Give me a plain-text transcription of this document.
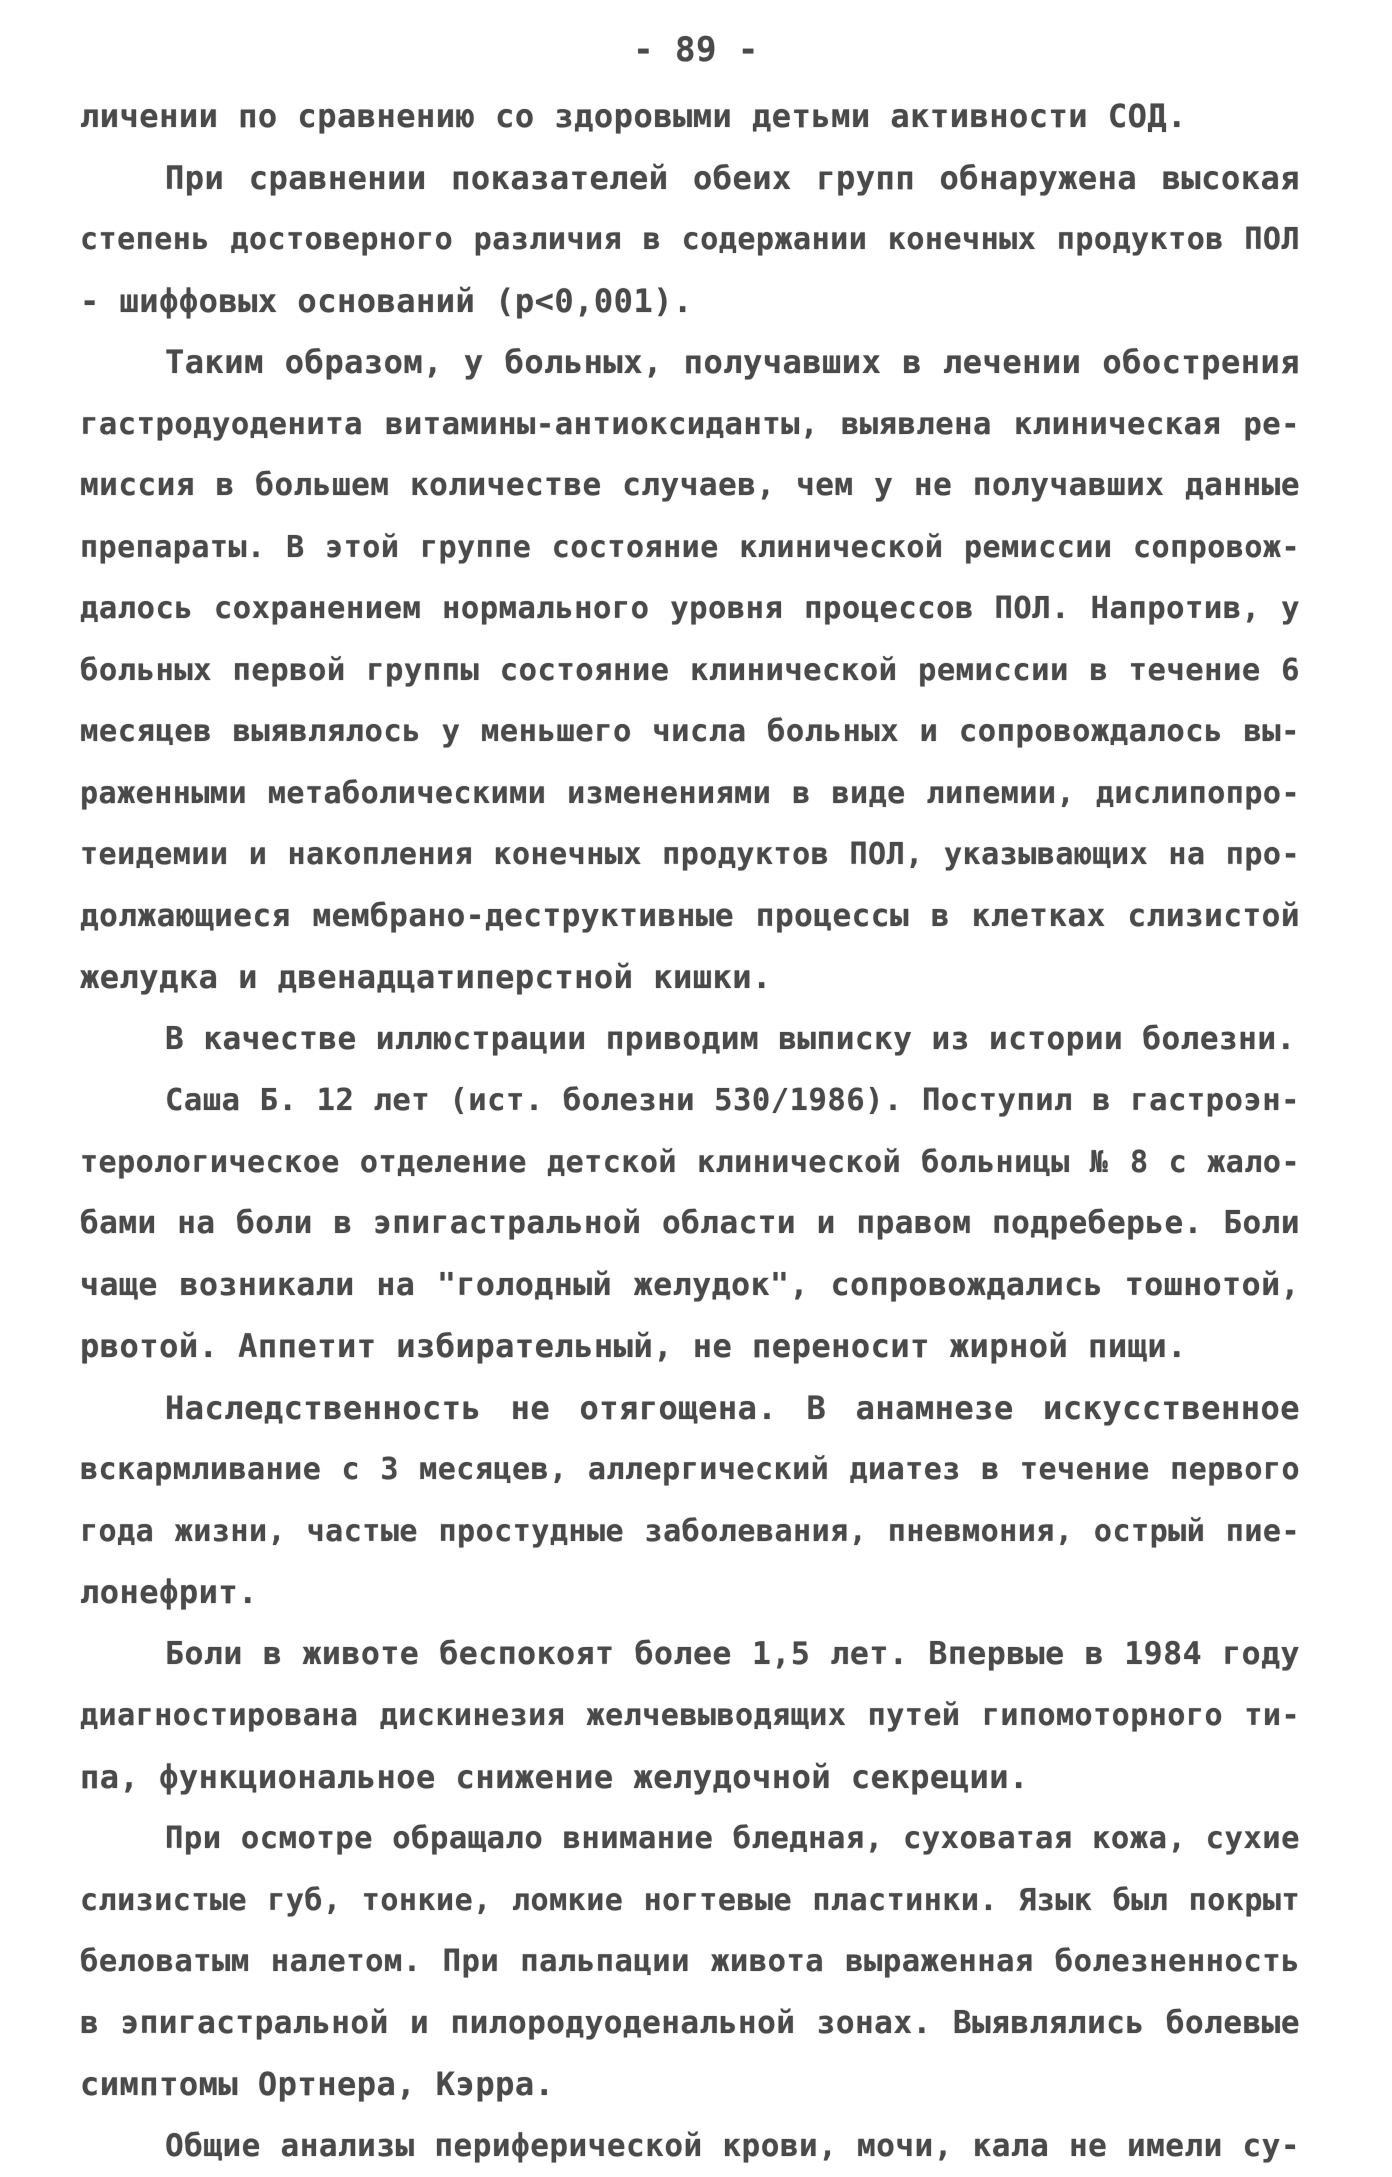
- 89 -
личении по сравнению со здоровыми детьми активности СОД.
При сравнении показателей обеих групп обнаружена высокая
степень достоверного различия в содержании конечных продуктов ПОЛ
- шиффовых оснований (р<0,001).
Таким образом, у больных, получавших в лечении обострения
гастродуоденита витамины-антиоксиданты, выявлена клиническая ре-
миссия в большем количестве случаев, чем у не получавших данные
препараты. В этой группе состояние клинической ремиссии сопровож-
далось сохранением нормального уровня процессов ПОЛ. Напротив, у
больных первой группы состояние клинической ремиссии в течение 6
месяцев выявлялось у меньшего числа больных и сопровождалось вы-
раженными метаболическими изменениями в виде липемии, дислипопро-
теидемии и накопления конечных продуктов ПОЛ, указывающих на про-
должающиеся мембрано-деструктивные процессы в клетках слизистой
желудка и двенадцатиперстной кишки.
В качестве иллюстрации приводим выписку из истории болезни.
Саша Б. 12 лет (ист. болезни 530/1986). Поступил в гастроэн-
терологическое отделение детской клинической больницы № 8 с жало-
бами на боли в эпигастральной области и правом подреберье. Боли
чаще возникали на "голодный желудок", сопровождались тошнотой,
рвотой. Аппетит избирательный, не переносит жирной пищи.
Наследственность не отягощена. В анамнезе искусственное
вскармливание с 3 месяцев, аллергический диатез в течение первого
года жизни, частые простудные заболевания, пневмония, острый пие-
лонефрит.
Боли в животе беспокоят более 1,5 лет. Впервые в 1984 году
диагностирована дискинезия желчевыводящих путей гипомоторного ти-
па, функциональное снижение желудочной секреции.
При осмотре обращало внимание бледная, суховатая кожа, сухие
слизистые губ, тонкие, ломкие ногтевые пластинки. Язык был покрыт
беловатым налетом. При пальпации живота выраженная болезненность
в эпигастральной и пилородуоденальной зонах. Выявлялись болевые
симптомы Ортнера, Кэрра.
Общие анализы периферической крови, мочи, кала не имели су-
